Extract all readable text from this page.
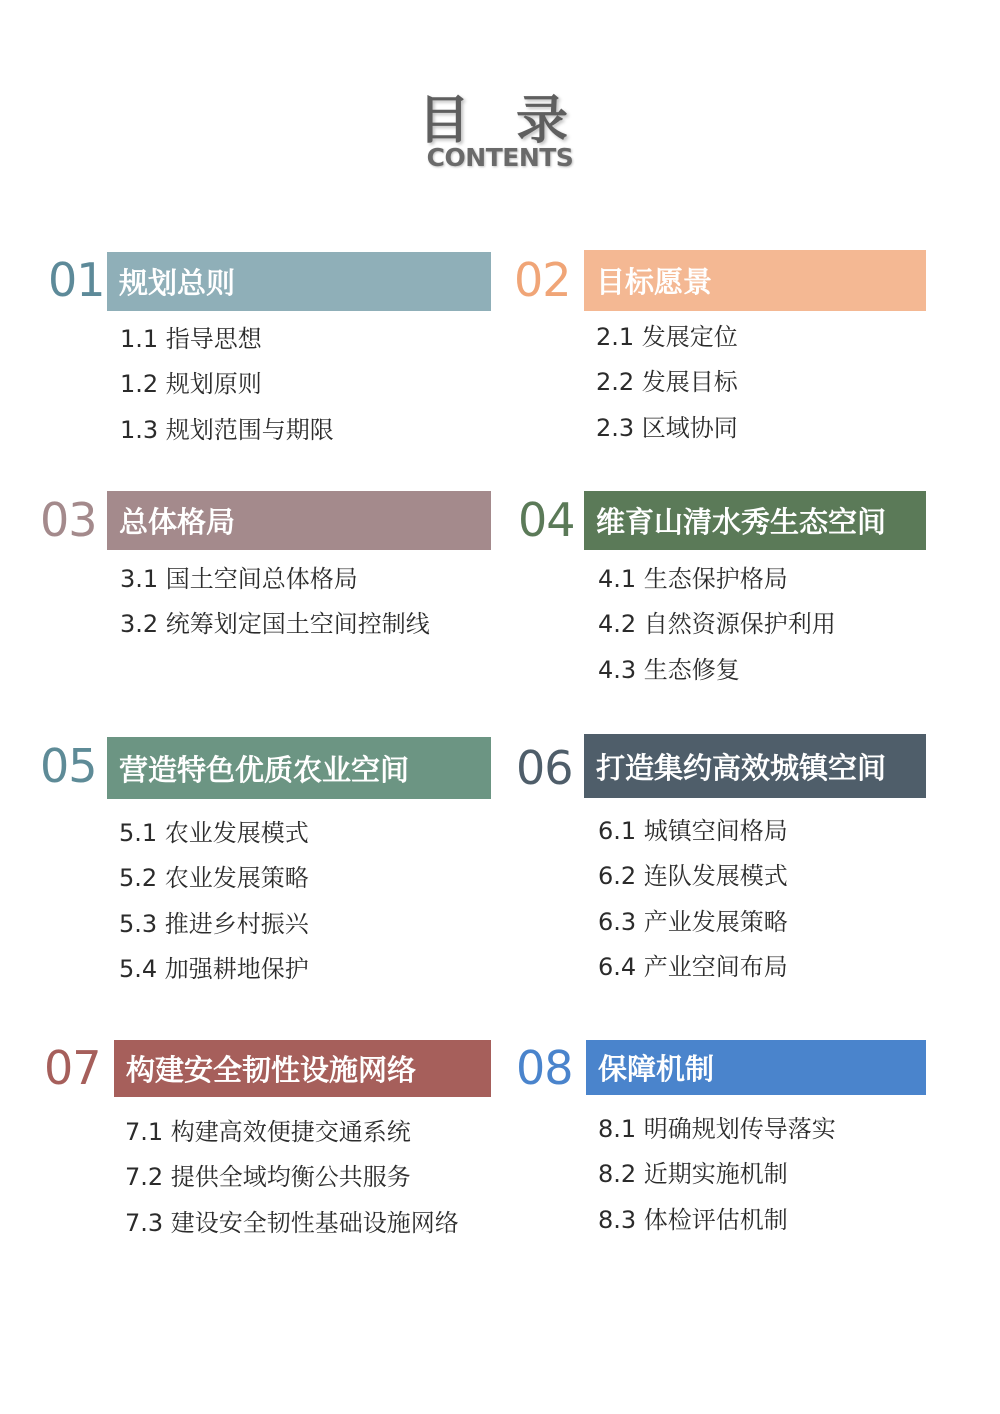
目 录
CONTENTS
01 规划总则
1.1 指导思想
1.2 规划原则
1.3 规划范围与期限
02 目标愿景
2.1 发展定位
2.2 发展目标
2.3 区域协同
03 总体格局
3.1 国土空间总体格局
3.2 统筹划定国土空间控制线
04 维育山清水秀生态空间
4.1 生态保护格局
4.2 自然资源保护利用
4.3 生态修复
05 营造特色优质农业空间
5.1 农业发展模式
5.2 农业发展策略
5.3 推进乡村振兴
5.4 加强耕地保护
06 打造集约高效城镇空间
6.1 城镇空间格局
6.2 连队发展模式
6.3 产业发展策略
6.4 产业空间布局
07 构建安全韧性设施网络
7.1 构建高效便捷交通系统
7.2 提供全域均衡公共服务
7.3 建设安全韧性基础设施网络
08 保障机制
8.1 明确规划传导落实
8.2 近期实施机制
8.3 体检评估机制
